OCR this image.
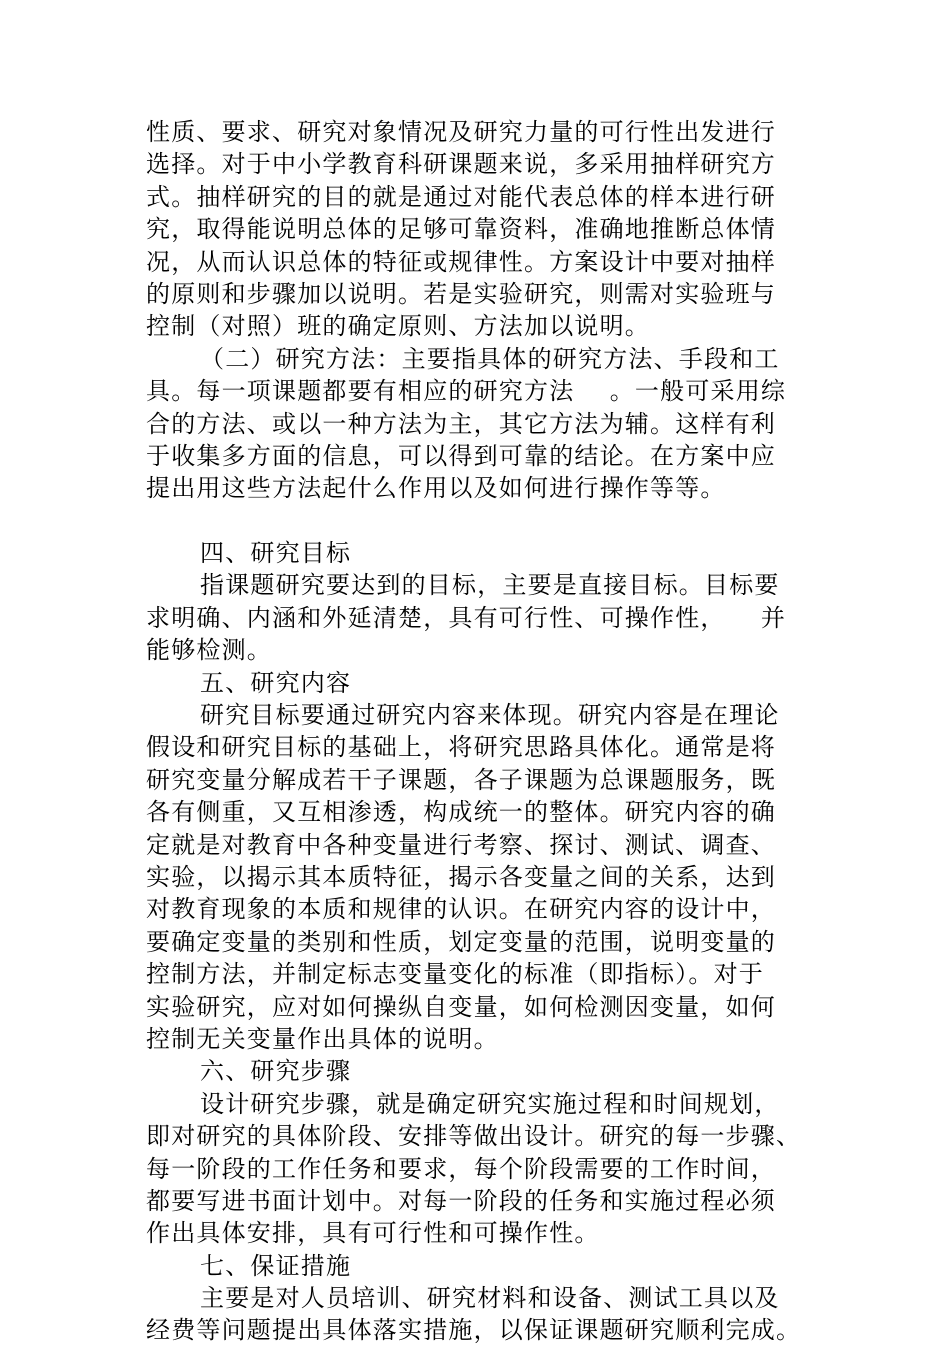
性质、要求、研究对象情况及研究力量的可行性出发进行
选择。对于中小学教育科研课题来说，多采用抽样研究方
式。抽样研究的目的就是通过对能代表总体的样本进行研
究，取得能说明总体的足够可靠资料，准确地推断总体情
况，从而认识总体的特征或规律性。方案设计中要对抽样
的原则和步骤加以说明。若是实验研究，则需对实验班与
控制（对照）班的确定原则、方法加以说明。
（二）研究方法：主要指具体的研究方法、手段和工
具。每一项课题都要有相应的研究方法    。一般可采用综
合的方法、或以一种方法为主，其它方法为辅。这样有利
于收集多方面的信息，可以得到可靠的结论。在方案中应
提出用这些方法起什么作用以及如何进行操作等等。
四、研究目标
指课题研究要达到的目标，主要是直接目标。目标要
求明确、内涵和外延清楚，具有可行性、可操作性，    并
能够检测。
五、研究内容
研究目标要通过研究内容来体现。研究内容是在理论
假设和研究目标的基础上，将研究思路具体化。通常是将
研究变量分解成若干子课题，各子课题为总课题服务，既
各有侧重，又互相渗透，构成统一的整体。研究内容的确
定就是对教育中各种变量进行考察、探讨、测试、调查、
实验，以揭示其本质特征，揭示各变量之间的关系，达到
对教育现象的本质和规律的认识。在研究内容的设计中，
要确定变量的类别和性质，划定变量的范围，说明变量的
控制方法，并制定标志变量变化的标准（即指标）。对于
实验研究，应对如何操纵自变量，如何检测因变量，如何
控制无关变量作出具体的说明。
六、研究步骤
设计研究步骤，就是确定研究实施过程和时间规划，
即对研究的具体阶段、安排等做出设计。研究的每一步骤、
每一阶段的工作任务和要求，每个阶段需要的工作时间，
都要写进书面计划中。对每一阶段的任务和实施过程必须
作出具体安排，具有可行性和可操作性。
七、保证措施
主要是对人员培训、研究材料和设备、测试工具以及
经费等问题提出具体落实措施，以保证课题研究顺利完成。
